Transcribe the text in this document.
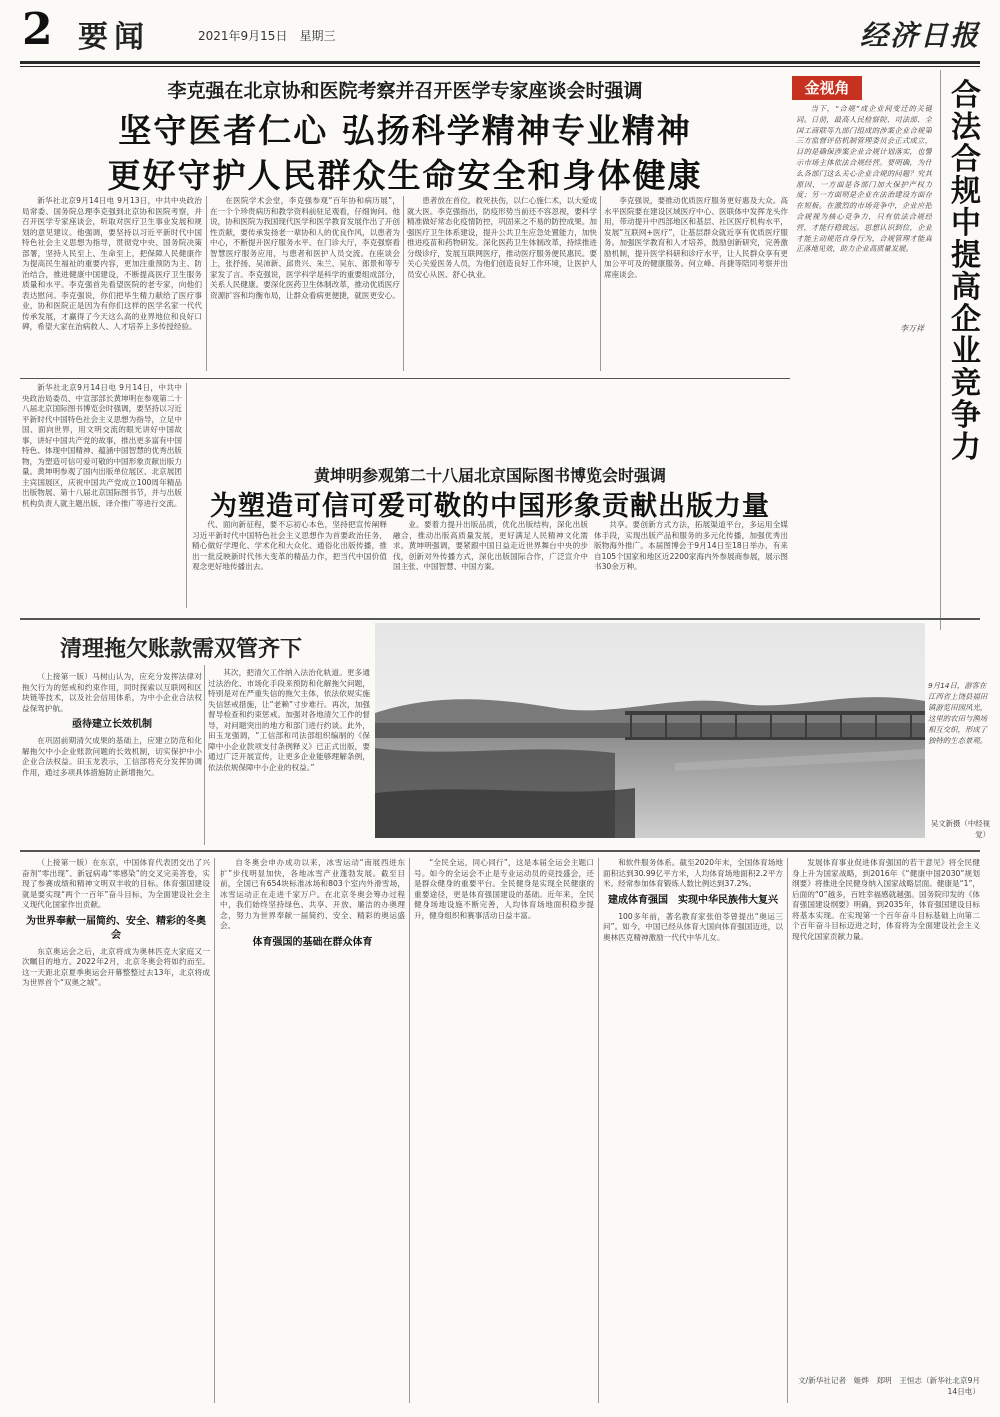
2 要闻	2021年9月15日　星期三	经济日报
李克强在北京协和医院考察并召开医学专家座谈会时强调
坚守医者仁心 弘扬科学精神专业精神
更好守护人民群众生命安全和身体健康

新华社北京9月14日电 9月13日，中共中央政治局常委、国务院总理李克强到北京协和医院考察，并召开医学专家座谈会，听取对医疗卫生事业发展和规划的意见建议。他强调，要坚持以习近平新时代中国特色社会主义思想为指导，贯彻党中央、国务院决策部署，坚持人民至上、生命至上，把保障人民健康作为提高民生福祉的重要内容，更加注重预防为主、防治结合，推进健康中国建设，不断提高医疗卫生服务质量和水平。李克强首先看望医院的老专家，向他们表达慰问。李克强说，你们把毕生精力献给了医疗事业，协和医院正是因为有你们这样的医学名家一代代传承发展，才赢得了今天这么高的业界地位和良好口碑，希望大家在治病救人、人才培养上多传授经验。

在医院学术会堂，李克强参观“百年协和病历展”，在一个个珍贵病历和教学资料前驻足观看，仔细询问。他说，协和医院为我国现代医学和医学教育发展作出了开创性贡献，要传承发扬老一辈协和人的优良作风，以患者为中心，不断提升医疗服务水平。在门诊大厅，李克强察看智慧医疗服务应用，与患者和医护人员交流。在座谈会上，张抒扬、吴沛新、邱贵兴、朱兰、吴东、郎景和等专家发了言。李克强说，医学科学是科学的重要组成部分，关系人民健康。要深化医药卫生体制改革，推动优质医疗资源扩容和均衡布局，让群众看病更便捷，就医更安心。

患者放在首位，救死扶伤，以仁心施仁术，以大爱成就大医。李克强指出，防疫形势当前还不容忽视，要科学精准做好常态化疫情防控，巩固来之不易的防控成果。加强医疗卫生体系建设，提升公共卫生应急处置能力，加快推进疫苗和药物研发。深化医药卫生体制改革，持续推进分级诊疗，发展互联网医疗，推动医疗服务便民惠民。要关心关爱医务人员，为他们创造良好工作环境，让医护人员安心从医、舒心执业。

李克强说，要推动优质医疗服务更好惠及大众。高水平医院要在建设区域医疗中心、医联体中发挥龙头作用，带动提升中西部地区和基层、社区医疗机构水平，发展“互联网+医疗”，让基层群众就近享有优质医疗服务。加强医学教育和人才培养，鼓励创新研究，完善激励机制，提升医学科研和诊疗水平，让人民群众享有更加公平可及的健康服务。何立峰、肖捷等陪同考察并出席座谈会。

新华社北京9月14日电 9月14日，中共中央政治局委员、中宣部部长黄坤明在参观第二十八届北京国际图书博览会时强调，要坚持以习近平新时代中国特色社会主义思想为指导，立足中国、面向世界，用文明交流的眼光讲好中国故事，讲好中国共产党的故事，推出更多富有中国特色、体现中国精神、蕴涵中国智慧的优秀出版物，为塑造可信可爱可敬的中国形象贡献出版力量。黄坤明参观了国内出版单位展区、北京展团主宾国展区，庆祝中国共产党成立100周年精品出版物展、第十八届北京国际图书节，并与出版机构负责人就主题出版、译介推广等进行交流。

黄坤明参观第二十八届北京国际图书博览会时强调
为塑造可信可爱可敬的中国形象贡献出版力量

代、面向新征程，要不忘初心本色，坚持把宣传阐释习近平新时代中国特色社会主义思想作为首要政治任务，精心做好学理化、学术化和大众化、通俗化出版传播，推出一批反映新时代伟大变革的精品力作，把当代中国价值观念更好地传播出去。

业。要着力提升出版品质，优化出版结构，深化出版融合，推动出版高质量发展，更好满足人民精神文化需求。黄坤明强调，要紧跟中国日益走近世界舞台中央的步伐，创新对外传播方式，深化出版国际合作，广泛宣介中国主张、中国智慧、中国方案。

共享。要创新方式方法，拓展渠道平台，多运用全媒体手段，实现出版产品和服务的多元化传播，加强优秀出版物海外推广。本届图博会于9月14日至18日举办，有来自105个国家和地区近2200家海内外参展商参展，展示图书30余万种。

金视角

当下，“合规”成企业间变迁的关键词。日前，最高人民检察院、司法部、全国工商联等九部门组成的涉案企业合规第三方监督评估机制管理委员会正式成立，目的是确保涉案企业合规计划落实，也警示市场主体依法合规经营。要明确，为什么各部门这么关心企业合规的问题？究其原因，一方面是各部门加大保护产权力度；另一方面则是企业在法治建设方面存在短板。在激烈的市场竞争中，企业应把合规视为核心竞争力，只有依法合规经营，才能行稳致远。思想认识到位，企业才能主动规范自身行为，合规管理才能真正落地见效，助力企业高质量发展。

李万祥
合法合规中提高企业竞争力
清理拖欠账款需双管齐下

（上接第一版）马树山认为，应充分发挥法律对拖欠行为的惩戒和约束作用，同时探索以互联网和区块链等技术，以及社会信用体系，为中小企业合法权益保驾护航。

亟待建立长效机制

在巩固前期清欠成果的基础上，应建立防范和化解拖欠中小企业账款问题的长效机制，切实保护中小企业合法权益。田玉龙表示，工信部将充分发挥协调作用，通过多项具体措施防止新增拖欠。

其次，把清欠工作纳入法治化轨道。更多通过法治化、市场化手段来预防和化解拖欠问题，特别是对在严重失信的拖欠主体，依法依规实施失信惩戒措施，让“老赖”寸步难行。再次，加强督导检查和约束惩戒。加强对各地清欠工作的督导，对问题突出的地方和部门进行约谈。此外，田玉龙强调，“工信部和司法部组织编制的《保障中小企业款项支付条例释义》已正式出版，要通过广泛开展宣传，让更多企业能够理解条例，依法依规保障中小企业的权益。”

9月14日，游客在江西省上饶县福田镇游览田园风光，这里的农田与渔场相互交织，形成了独特的生态景观。
吴文新摄（中经视觉）

（上接第一版）在东京，中国体育代表团交出了兴奋剂“零出现”、新冠病毒“零感染”的交叉完美答卷，实现了参赛成绩和精神文明双丰收的目标。体育强国建设就是要实现“两个一百年”奋斗目标，为全面建设社会主义现代化国家作出贡献。

为世界奉献一届简约、安全、精彩的冬奥会

东京奥运会之后，北京将成为奥林匹克大家庭又一次瞩目的地方。2022年2月，北京冬奥会将如约而至。这一天距北京夏季奥运会开幕整整过去13年，北京将成为世界首个“双奥之城”。

自冬奥会申办成功以来，冰雪运动“南展西进东扩”步伐明显加快，各地冰雪产业蓬勃发展。截至目前，全国已有654块标准冰场和803个室内外滑雪场，冰雪运动正在走进千家万户。在北京冬奥会筹办过程中，我们始终坚持绿色、共享、开放、廉洁的办奥理念，努力为世界奉献一届简约、安全、精彩的奥运盛会。

体育强国的基础在群众体育

“全民全运，同心同行”，这是本届全运会主题口号。如今的全运会不止是专业运动员的竞技盛会，还是群众健身的重要平台。全民健身是实现全民健康的重要途径，更是体育强国建设的基础。近年来，全民健身场地设施不断完善，人均体育场地面积稳步提升，健身组织和赛事活动日益丰富。

和软件服务体系。截至2020年末，全国体育场地面积达到30.99亿平方米，人均体育场地面积2.2平方米。经常参加体育锻炼人数比例达到37.2%。

建成体育强国　实现中华民族伟大复兴

100多年前，著名教育家张伯苓曾提出“奥运三问”。如今，中国已经从体育大国向体育强国迈进，以奥林匹克精神激励一代代中华儿女。

发展体育事业促进体育强国的若干意见》将全民健身上升为国家战略，到2016年《“健康中国2030”规划纲要》将推进全民健身纳入国家战略层面。健康是“1”，后面的“0”越多，百姓幸福感就越强。国务院印发的《体育强国建设纲要》明确，到2035年，体育强国建设目标将基本实现。在实现第一个百年奋斗目标基础上向第二个百年奋斗目标迈进之时，体育将为全面建设社会主义现代化国家贡献力量。

文/新华社记者　姬烨　郑明　王恒志（新华社北京9月14日电）
